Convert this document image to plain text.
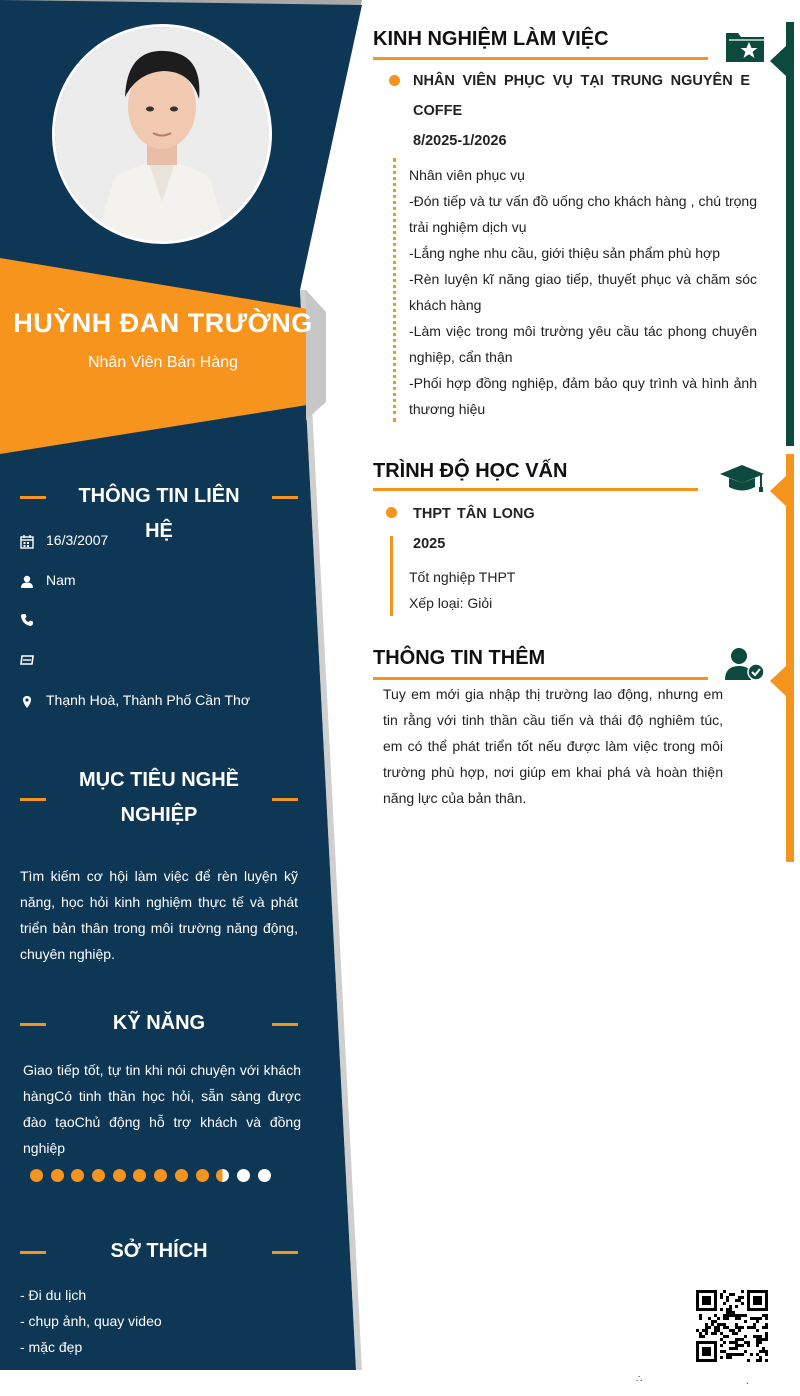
HUỲNH ĐAN TRƯỜNG
Nhân Viên Bán Hàng
THÔNG TIN LIÊN HỆ
16/3/2007
Nam
Thạnh Hoà, Thành Phố Cần Thơ
MỤC TIÊU NGHỀ
NGHIỆP
Tìm kiếm cơ hội làm việc để rèn luyện kỹ năng, học hỏi kinh nghiệm thực tế và phát triển bản thân trong môi trường năng động, chuyên nghiệp.
KỸ NĂNG
Giao tiếp tốt, tự tin khi nói chuyện với khách hàngCó tinh thần học hỏi, sẵn sàng được đào tạoChủ động hỗ trợ khách và đồng nghiệp
SỞ THÍCH
- Đi du lịch
- chụp ảnh, quay video
- mặc đẹp
KINH NGHIỆM LÀM VIỆC
NHÂN VIÊN PHỤC VỤ TẠI TRUNG NGUYÊN E COFFE
8/2025-1/2026
Nhân viên phục vụ
-Đón tiếp và tư vấn đồ uống cho khách hàng , chú trọng trải nghiệm dịch vụ
-Lắng nghe nhu cầu, giới thiệu sản phẩm phù hợp
-Rèn luyện kĩ năng giao tiếp, thuyết phục và chăm sóc khách hàng
-Làm việc trong môi trường yêu cầu tác phong chuyên nghiệp, cẩn thận
-Phối hợp đồng nghiệp, đảm bảo quy trình và hình ảnh thương hiệu
TRÌNH ĐỘ HỌC VẤN
THPT TÂN LONG
2025
Tốt nghiệp THPT
Xếp loại: Giỏi
THÔNG TIN THÊM
Tuy em mới gia nhập thị trường lao động, nhưng em tin rằng với tinh thần cầu tiến và thái độ nghiêm túc, em có thể phát triển tốt nếu được làm việc trong môi trường phù hợp, nơi giúp em khai phá và hoàn thiện năng lực của bản thân.
∴	.
